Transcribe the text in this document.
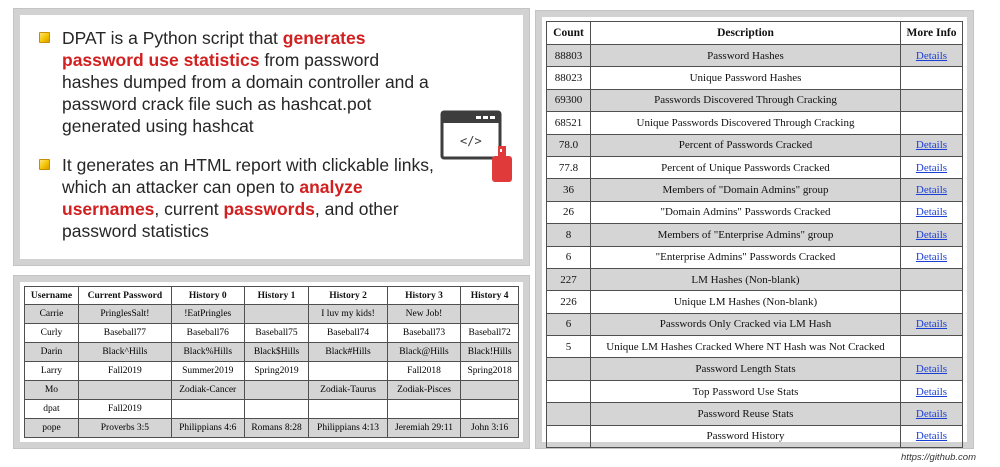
DPAT is a Python script that generates password use statistics from password hashes dumped from a domain controller and a password crack file such as hashcat.pot generated using hashcat
It generates an HTML report with clickable links, which an attacker can open to analyze usernames, current passwords, and other password statistics
</>
Username	Current Password	History 0	History 1	History 2	History 3	History 4
Carrie	PringlesSalt!	!EatPringles		I luv my kids!	New Job!	
Curly	Baseball77	Baseball76	Baseball75	Baseball74	Baseball73	Baseball72
Darin	Black^Hills	Black%Hills	Black$Hills	Black#Hills	Black@Hills	Black!Hills
Larry	Fall2019	Summer2019	Spring2019		Fall2018	Spring2018
Mo		Zodiak-Cancer		Zodiak-Taurus	Zodiak-Pisces	
dpat	Fall2019					
pope	Proverbs 3:5	Philippians 4:6	Romans 8:28	Philippians 4:13	Jeremiah 29:11	John 3:16
Count	Description	More Info
88803	Password Hashes	Details
88023	Unique Password Hashes	
69300	Passwords Discovered Through Cracking	
68521	Unique Passwords Discovered Through Cracking	
78.0	Percent of Passwords Cracked	Details
77.8	Percent of Unique Passwords Cracked	Details
36	Members of "Domain Admins" group	Details
26	"Domain Admins" Passwords Cracked	Details
8	Members of "Enterprise Admins" group	Details
6	"Enterprise Admins" Passwords Cracked	Details
227	LM Hashes (Non-blank)	
226	Unique LM Hashes (Non-blank)	
6	Passwords Only Cracked via LM Hash	Details
5	Unique LM Hashes Cracked Where NT Hash was Not Cracked	
	Password Length Stats	Details
	Top Password Use Stats	Details
	Password Reuse Stats	Details
	Password History	Details
https://github.com
